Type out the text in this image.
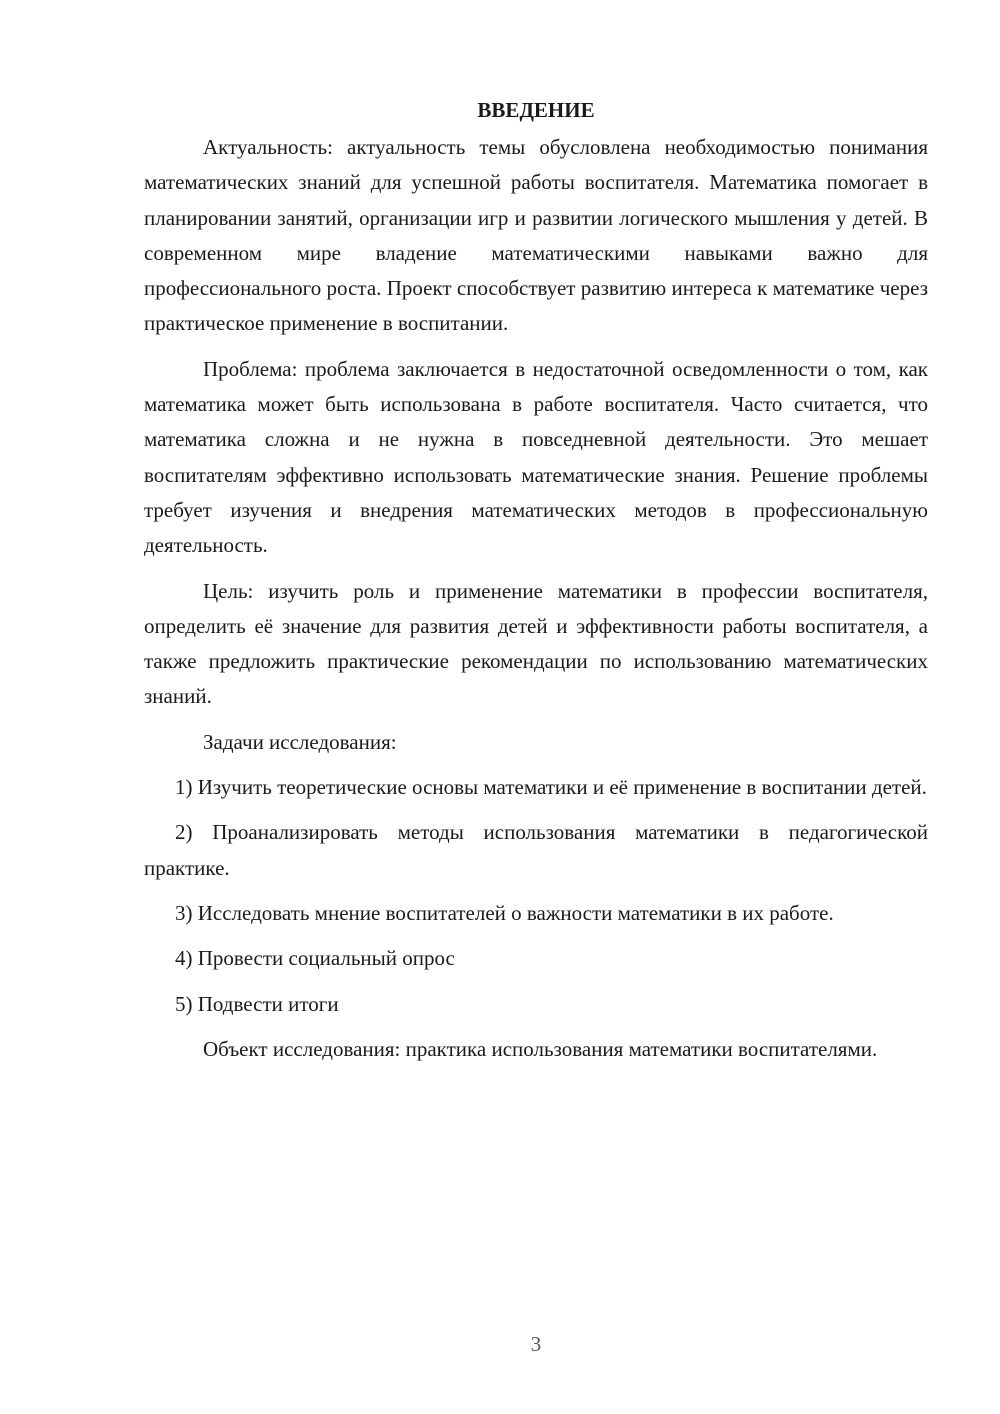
ВВЕДЕНИЕ

Актуальность: актуальность темы обусловлена необходимостью понимания математических знаний для успешной работы воспитателя. Математика помогает в планировании занятий, организации игр и развитии логического мышления у детей. В современном мире владение математическими навыками важно для профессионального роста. Проект способствует развитию интереса к математике через практическое применение в воспитании.

Проблема: проблема заключается в недостаточной осведомленности о том, как математика может быть использована в работе воспитателя. Часто считается, что математика сложна и не нужна в повседневной деятельности. Это мешает воспитателям эффективно использовать математические знания. Решение проблемы требует изучения и внедрения математических методов в профессиональную деятельность.

Цель: изучить роль и применение математики в профессии воспитателя, определить её значение для развития детей и эффективности работы воспитателя, а также предложить практические рекомендации по использованию математических знаний.

Задачи исследования:

1) Изучить теоретические основы математики и её применение в воспитании детей.

2) Проанализировать методы использования математики в педагогической практике.

3) Исследовать мнение воспитателей о важности математики в их работе.

4) Провести социальный опрос

5) Подвести итоги

Объект исследования: практика использования математики воспитателями.

3
